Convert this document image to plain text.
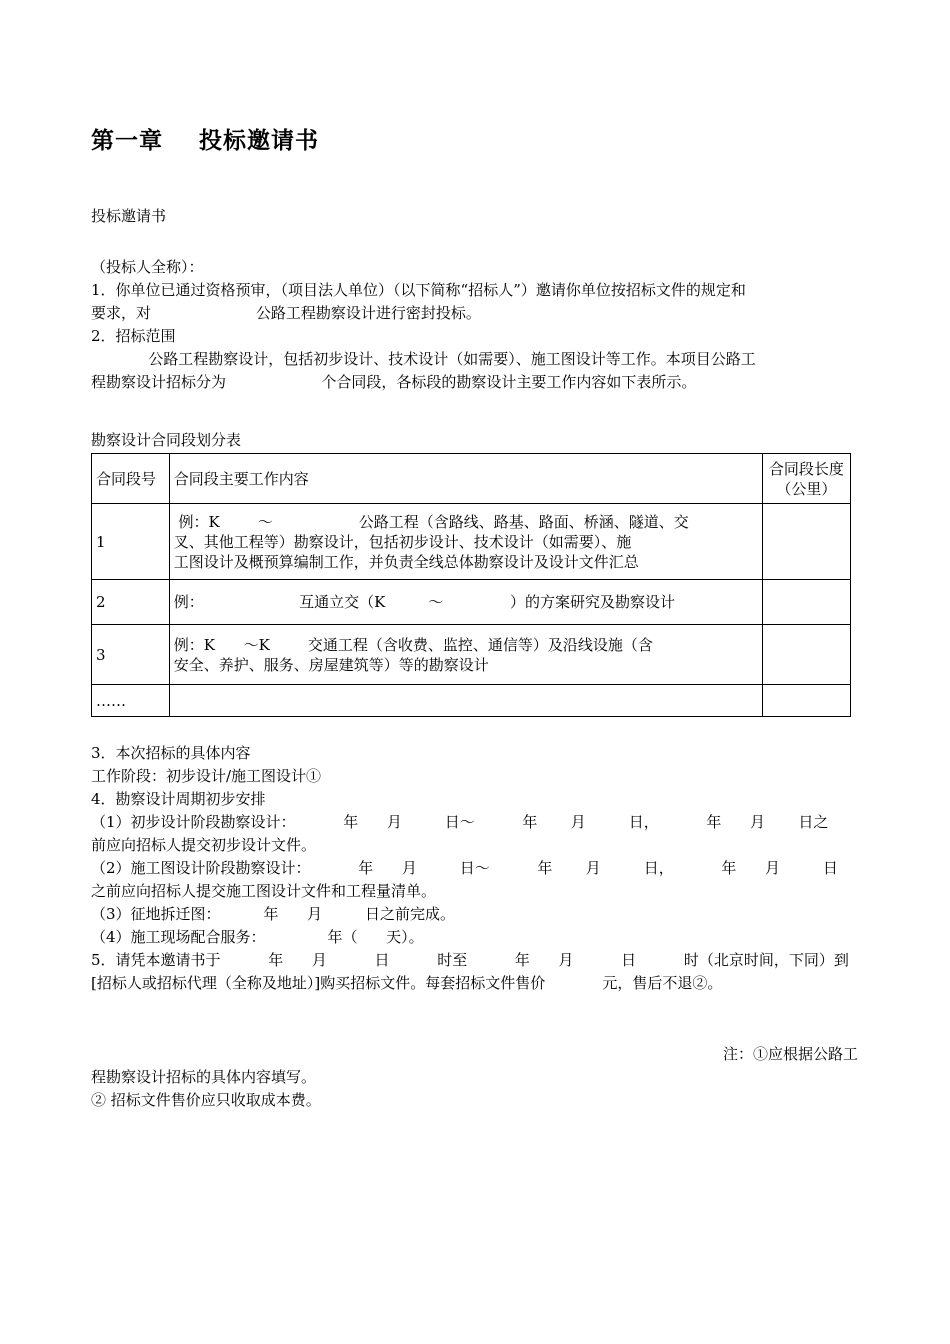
第一章    投标邀请书
投标邀请书
（投标人全称）：
1．你单位已通过资格预审，（项目法人单位）（以下简称“招标人”）邀请你单位按招标文件的规定和
要求，对                      公路工程勘察设计进行密封投标。
2．招标范围
公路工程勘察设计，包括初步设计、技术设计（如需要）、施工图设计等工作。本项目公路工
程勘察设计招标分为                    个合同段，各标段的勘察设计主要工作内容如下表所示。
勘察设计合同段划分表
合同段号	合同段主要工作内容	合同段长度
（公里）

1	例：K        ～                  公路工程（含路线、路基、路面、桥涵、隧道、交
叉、其他工程等）勘察设计，包括初步设计、技术设计（如需要）、施
工图设计及概预算编制工作，并负责全线总体勘察设计及设计文件汇总	

2	例：                    互通立交（K         ～              ）的方案研究及勘察设计	

3	例：K      ～K        交通工程（含收费、监控、通信等）及沿线设施（含
安全、养护、服务、房屋建筑等）等的勘察设计	

……		
3．本次招标的具体内容
工作阶段：初步设计/施工图设计①
4．勘察设计周期初步安排
（1）初步设计阶段勘察设计：          年      月         日～          年       月         日，          年      月       日之
前应向招标人提交初步设计文件。
（2）施工图设计阶段勘察设计：          年      月         日～          年       月         日，          年      月         日
之前应向招标人提交施工图设计文件和工程量清单。
（3）征地拆迁图：         年      月         日之前完成。
（4）施工现场配合服务：             年（      天）。
5．请凭本邀请书于          年      月          日          时至          年      月          日          时（北京时间，下同）到
[招标人或招标代理（全称及地址）]购买招标文件。每套招标文件售价            元，售后不退②。
注：①应根据公路工
程勘察设计招标的具体内容填写。
② 招标文件售价应只收取成本费。
